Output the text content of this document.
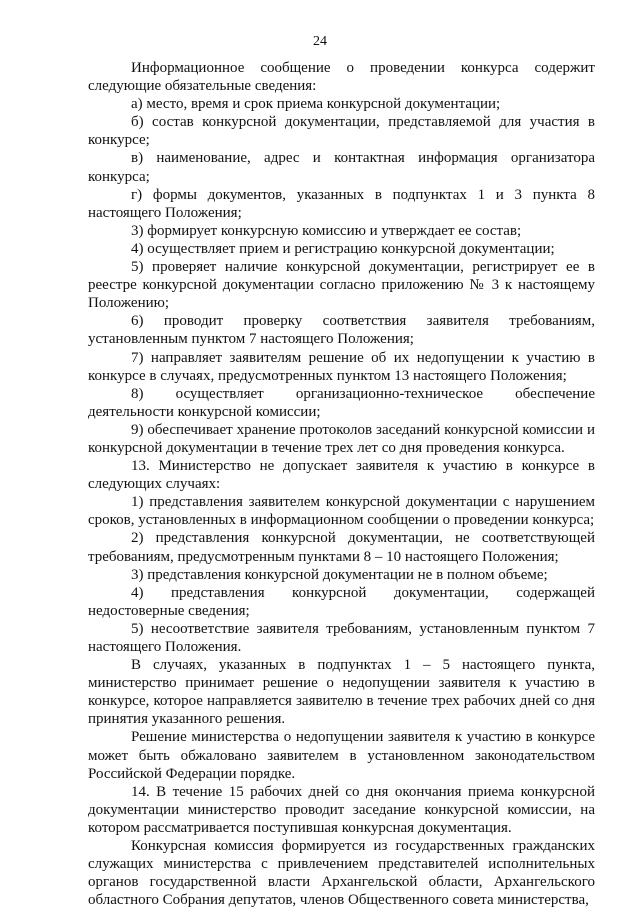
24

Информационное сообщение о проведении конкурса содержит следующие обязательные сведения:

а) место, время и срок приема конкурсной документации;

б) состав конкурсной документации, представляемой для участия в конкурсе;

в) наименование, адрес и контактная информация организатора конкурса;

г) формы документов, указанных в подпунктах 1 и 3 пункта 8 настоящего Положения;

3) формирует конкурсную комиссию и утверждает ее состав;

4) осуществляет прием и регистрацию конкурсной документации;

5) проверяет наличие конкурсной документации, регистрирует ее в реестре конкурсной документации согласно приложению № 3 к настоящему Положению;

6) проводит проверку соответствия заявителя требованиям, установленным пунктом 7 настоящего Положения;

7) направляет заявителям решение об их недопущении к участию в конкурсе в случаях, предусмотренных пунктом 13 настоящего Положения;

8) осуществляет организационно-техническое обеспечение деятельности конкурсной комиссии;

9) обеспечивает хранение протоколов заседаний конкурсной комиссии и конкурсной документации в течение трех лет со дня проведения конкурса.

13. Министерство не допускает заявителя к участию в конкурсе в следующих случаях:

1) представления заявителем конкурсной документации с нарушением сроков, установленных в информационном сообщении о проведении конкурса;

2) представления конкурсной документации, не соответствующей требованиям, предусмотренным пунктами 8 – 10 настоящего Положения;

3) представления конкурсной документации не в полном объеме;

4) представления конкурсной документации, содержащей недостоверные сведения;

5) несоответствие заявителя требованиям, установленным пунктом 7 настоящего Положения.

В случаях, указанных в подпунктах 1 – 5 настоящего пункта, министерство принимает решение о недопущении заявителя к участию в конкурсе, которое направляется заявителю в течение трех рабочих дней со дня принятия указанного решения.

Решение министерства о недопущении заявителя к участию в конкурсе может быть обжаловано заявителем в установленном законодательством Российской Федерации порядке.

14. В течение 15 рабочих дней со дня окончания приема конкурсной документации министерство проводит заседание конкурсной комиссии, на котором рассматривается поступившая конкурсная документация.

Конкурсная комиссия формируется из государственных гражданских служащих министерства с привлечением представителей исполнительных органов государственной власти Архангельской области, Архангельского областного Собрания депутатов, членов Общественного совета министерства,
